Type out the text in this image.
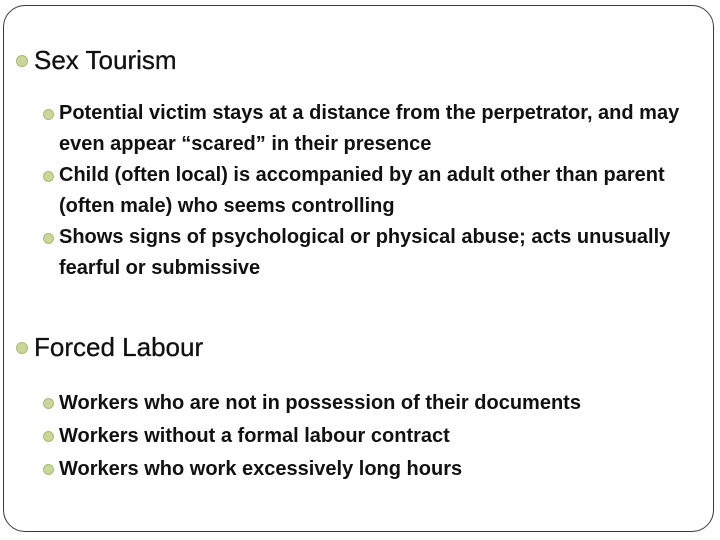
Sex Tourism
Potential victim stays at a distance from the perpetrator, and may even appear “scared” in their presence
Child (often local) is accompanied by an adult other than parent (often male) who seems controlling
Shows signs of psychological or physical abuse; acts unusually fearful or submissive
Forced Labour
Workers who are not in possession of their documents
Workers without a formal labour contract
Workers who work excessively long hours
